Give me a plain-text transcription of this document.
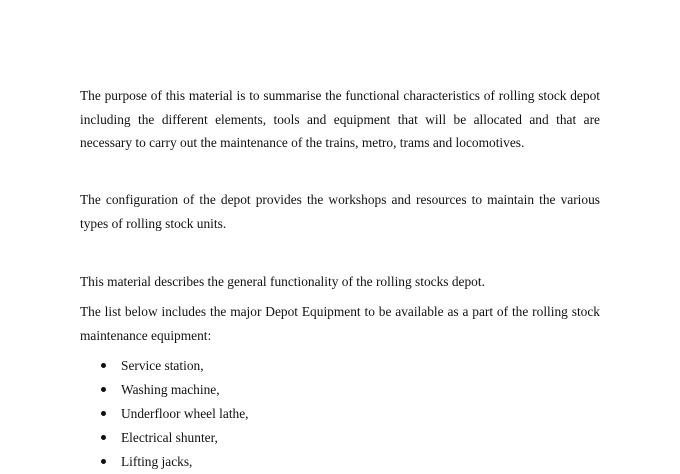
The purpose of this material is to summarise the functional characteristics of rolling stock depot including the different elements, tools and equipment that will be allocated and that are necessary to carry out the maintenance of the trains, metro, trams and locomotives.

The configuration of the depot provides the workshops and resources to maintain the various types of rolling stock units.

This material describes the general functionality of the rolling stocks depot.

The list below includes the major Depot Equipment to be available as a part of the rolling stock maintenance equipment:

Service station,
Washing machine,
Underfloor wheel lathe,
Electrical shunter,
Lifting jacks,
